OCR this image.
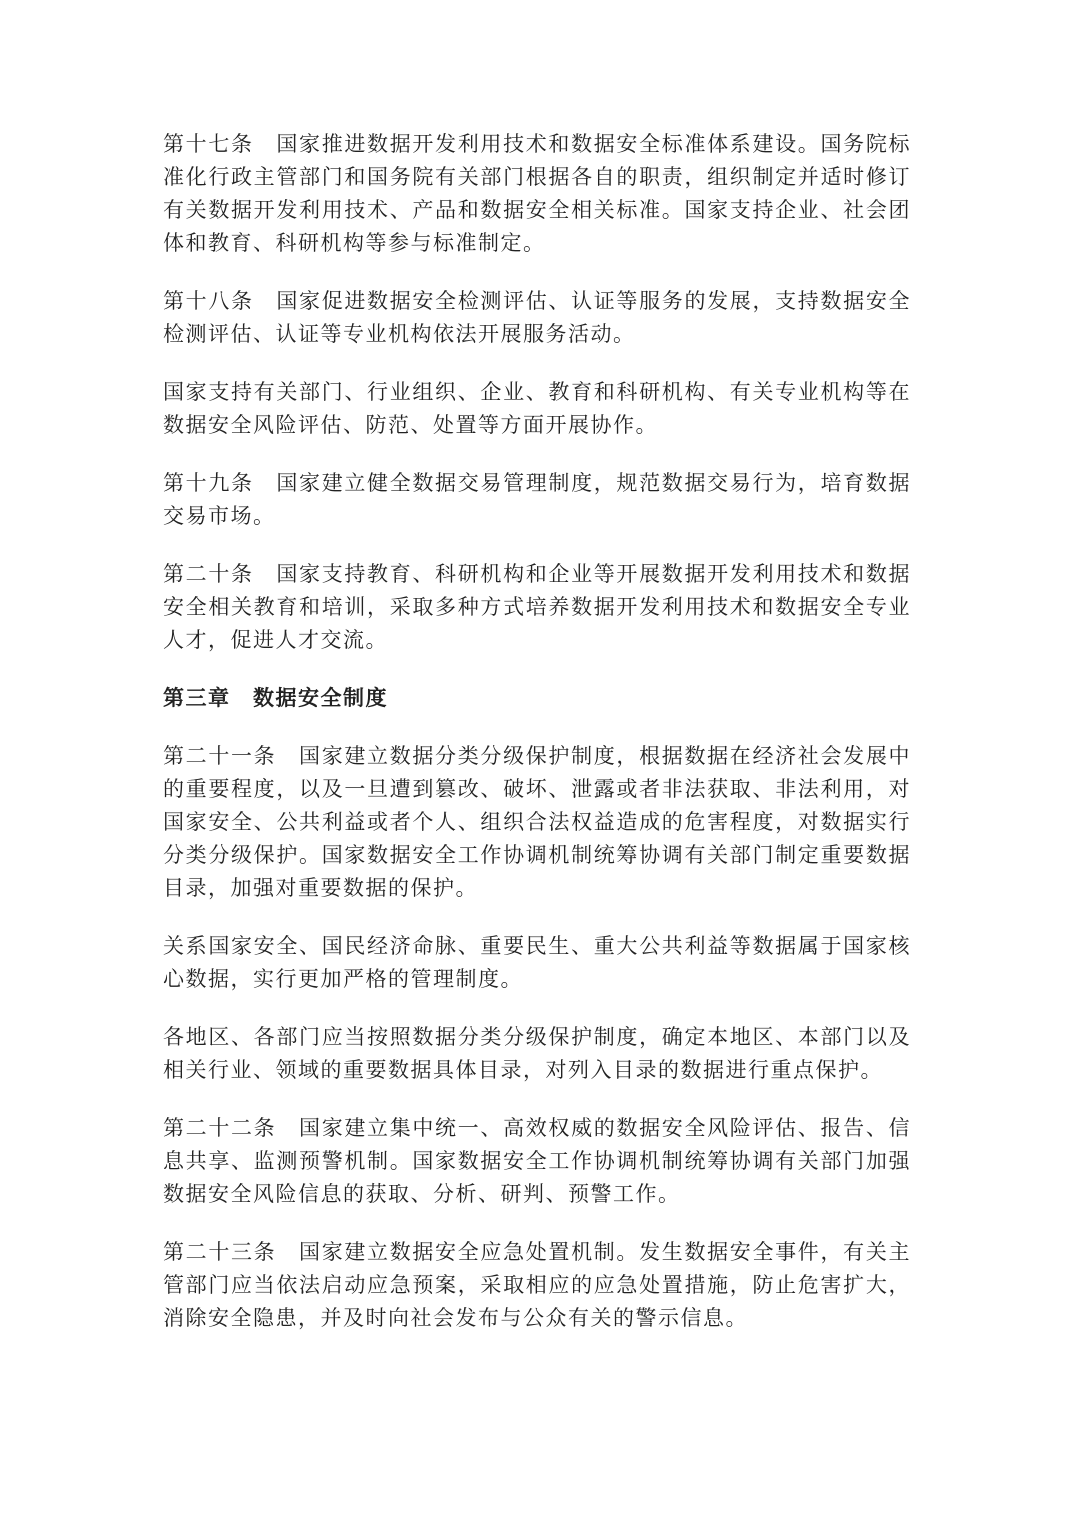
第十七条　国家推进数据开发利用技术和数据安全标准体系建设。国务院标准化行政主管部门和国务院有关部门根据各自的职责，组织制定并适时修订有关数据开发利用技术、产品和数据安全相关标准。国家支持企业、社会团体和教育、科研机构等参与标准制定。

第十八条　国家促进数据安全检测评估、认证等服务的发展，支持数据安全检测评估、认证等专业机构依法开展服务活动。

国家支持有关部门、行业组织、企业、教育和科研机构、有关专业机构等在数据安全风险评估、防范、处置等方面开展协作。

第十九条　国家建立健全数据交易管理制度，规范数据交易行为，培育数据交易市场。

第二十条　国家支持教育、科研机构和企业等开展数据开发利用技术和数据安全相关教育和培训，采取多种方式培养数据开发利用技术和数据安全专业人才，促进人才交流。

第三章　数据安全制度

第二十一条　国家建立数据分类分级保护制度，根据数据在经济社会发展中的重要程度，以及一旦遭到篡改、破坏、泄露或者非法获取、非法利用，对国家安全、公共利益或者个人、组织合法权益造成的危害程度，对数据实行分类分级保护。国家数据安全工作协调机制统筹协调有关部门制定重要数据目录，加强对重要数据的保护。

关系国家安全、国民经济命脉、重要民生、重大公共利益等数据属于国家核心数据，实行更加严格的管理制度。

各地区、各部门应当按照数据分类分级保护制度，确定本地区、本部门以及相关行业、领域的重要数据具体目录，对列入目录的数据进行重点保护。

第二十二条　国家建立集中统一、高效权威的数据安全风险评估、报告、信息共享、监测预警机制。国家数据安全工作协调机制统筹协调有关部门加强数据安全风险信息的获取、分析、研判、预警工作。

第二十三条　国家建立数据安全应急处置机制。发生数据安全事件，有关主管部门应当依法启动应急预案，采取相应的应急处置措施，防止危害扩大，消除安全隐患，并及时向社会发布与公众有关的警示信息。
